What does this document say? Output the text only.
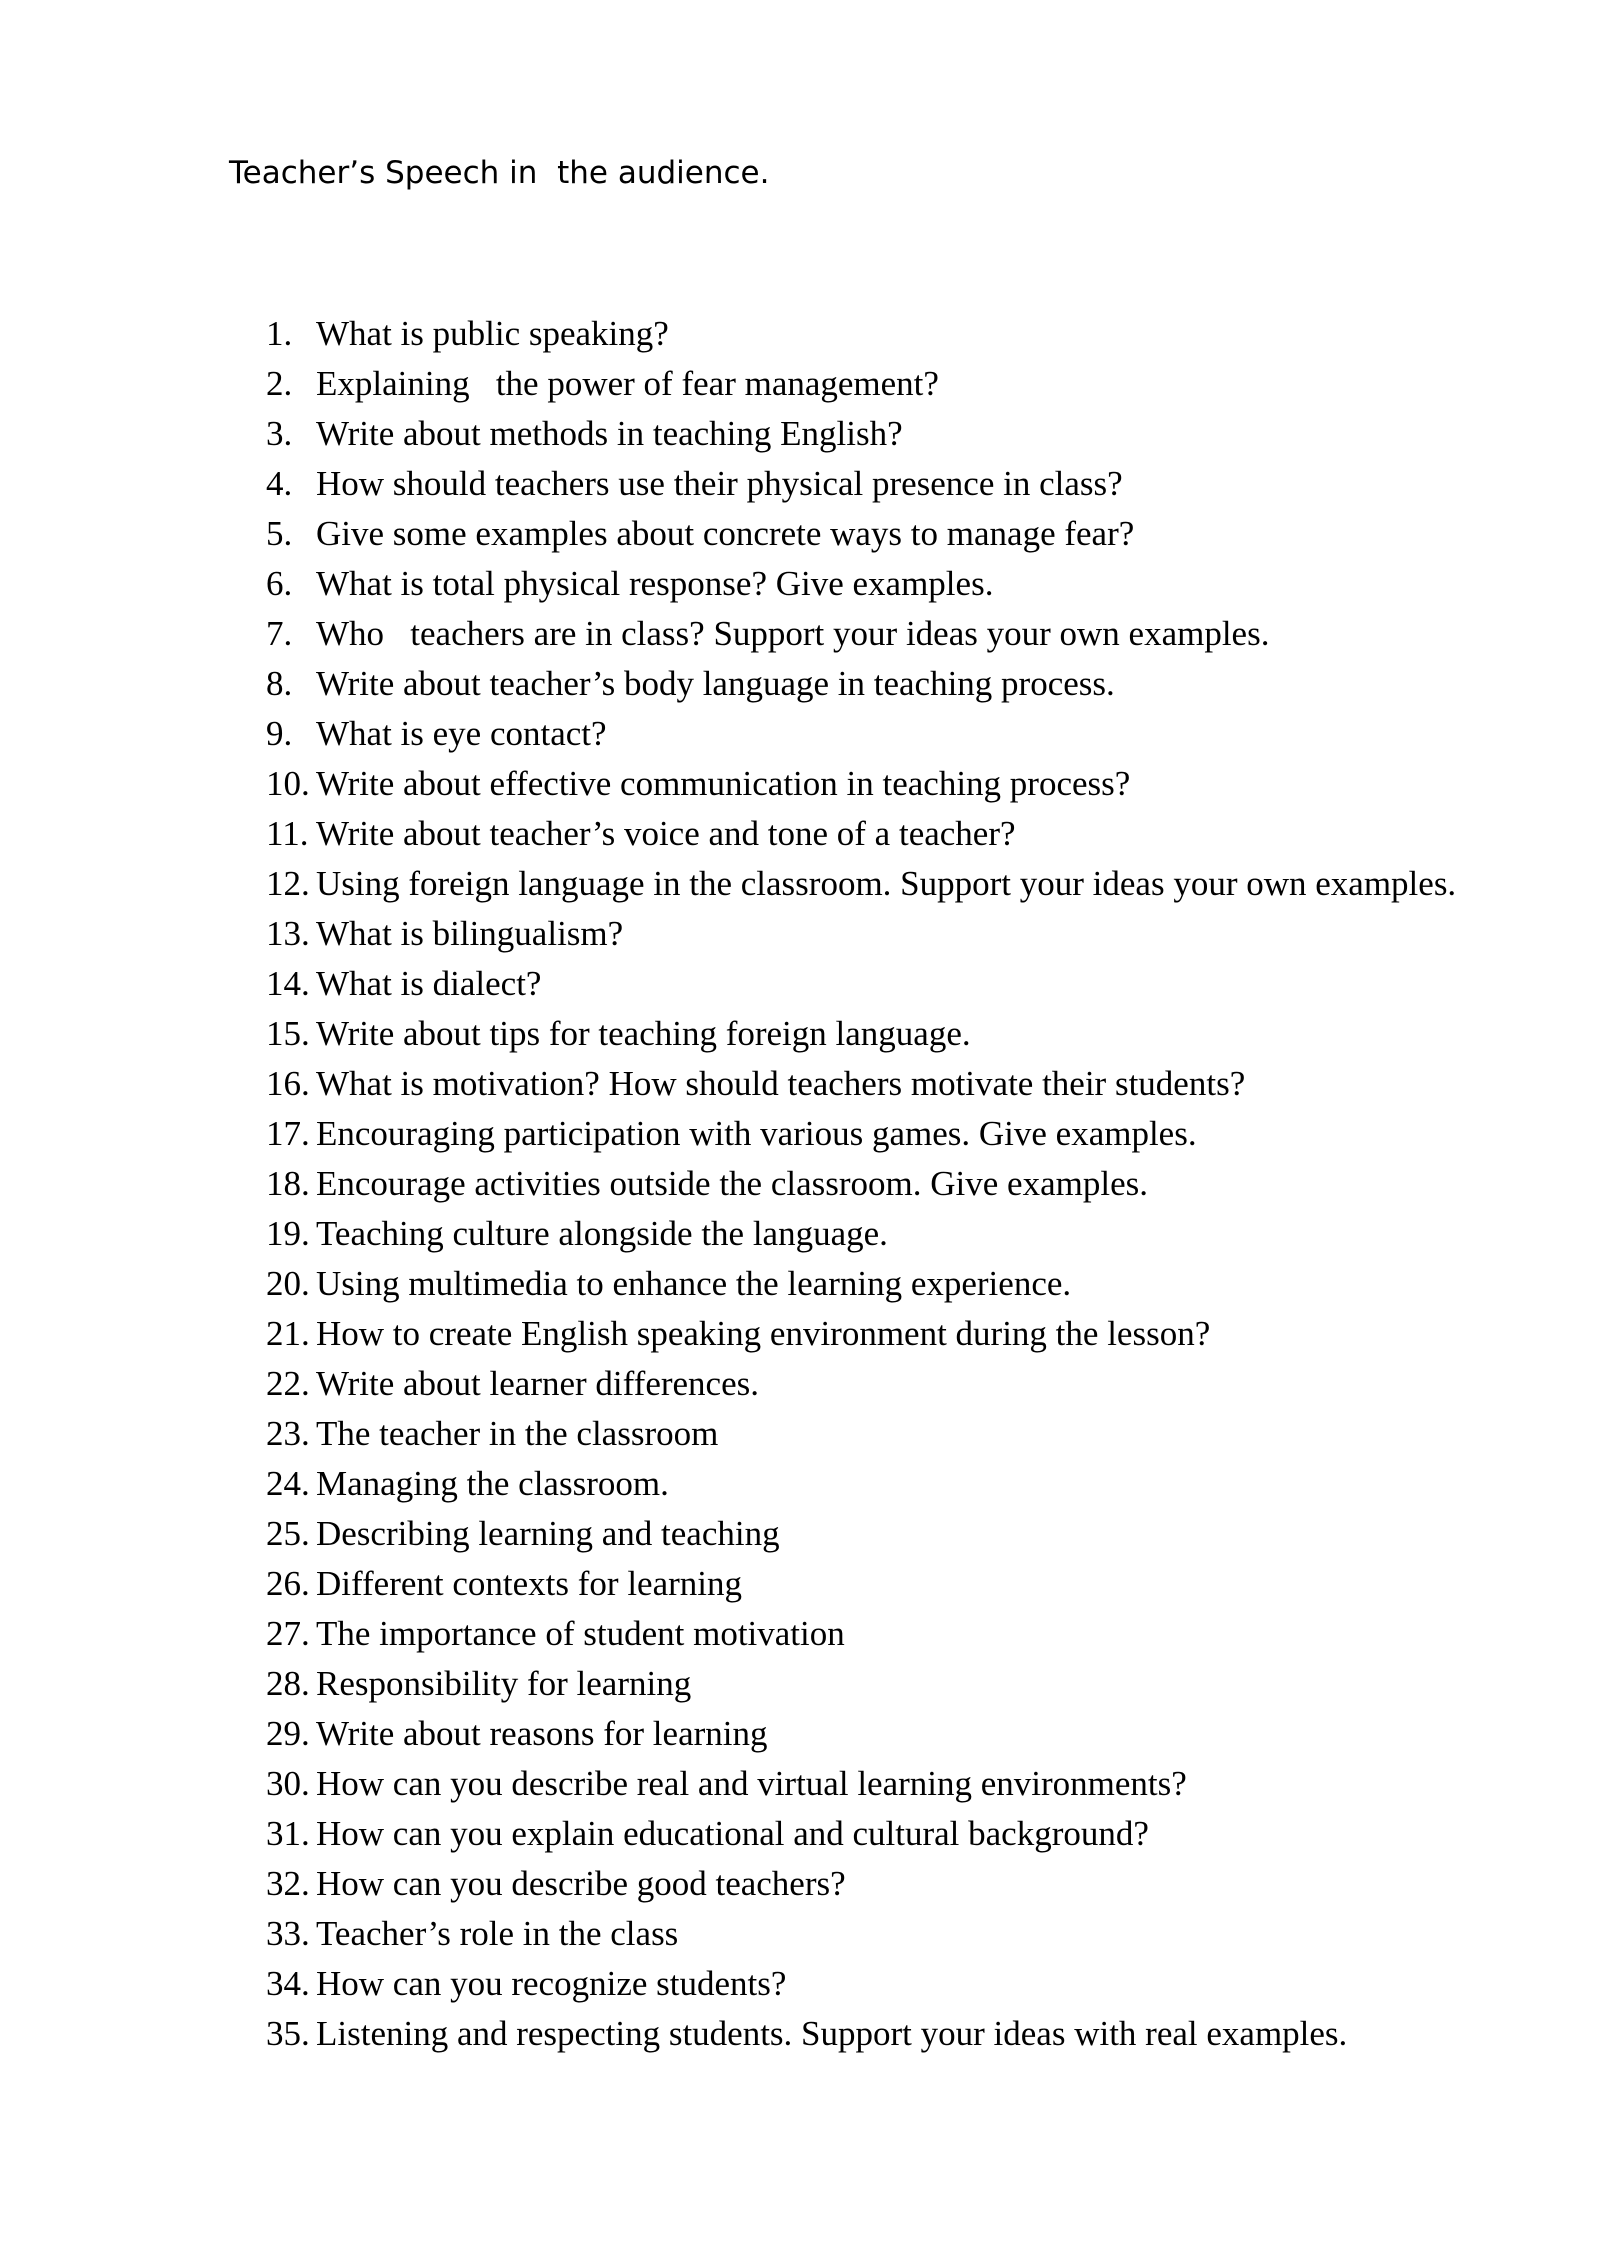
Teacher’s Speech in  the audience.
1. What is public speaking?
2. Explaining   the power of fear management?
3. Write about methods in teaching English?
4. How should teachers use their physical presence in class?
5. Give some examples about concrete ways to manage fear?
6. What is total physical response? Give examples.
7. Who   teachers are in class? Support your ideas your own examples.
8. Write about teacher’s body language in teaching process.
9. What is eye contact?
10. Write about effective communication in teaching process?
11. Write about teacher’s voice and tone of a teacher?
12. Using foreign language in the classroom. Support your ideas your own examples.
13. What is bilingualism?
14. What is dialect?
15. Write about tips for teaching foreign language.
16. What is motivation? How should teachers motivate their students?
17. Encouraging participation with various games. Give examples.
18. Encourage activities outside the classroom. Give examples.
19. Teaching culture alongside the language.
20. Using multimedia to enhance the learning experience.
21. How to create English speaking environment during the lesson?
22. Write about learner differences.
23. The teacher in the classroom
24. Managing the classroom.
25. Describing learning and teaching
26. Different contexts for learning
27. The importance of student motivation
28. Responsibility for learning
29. Write about reasons for learning
30. How can you describe real and virtual learning environments?
31. How can you explain educational and cultural background?
32. How can you describe good teachers?
33. Teacher’s role in the class
34. How can you recognize students?
35. Listening and respecting students. Support your ideas with real examples.
